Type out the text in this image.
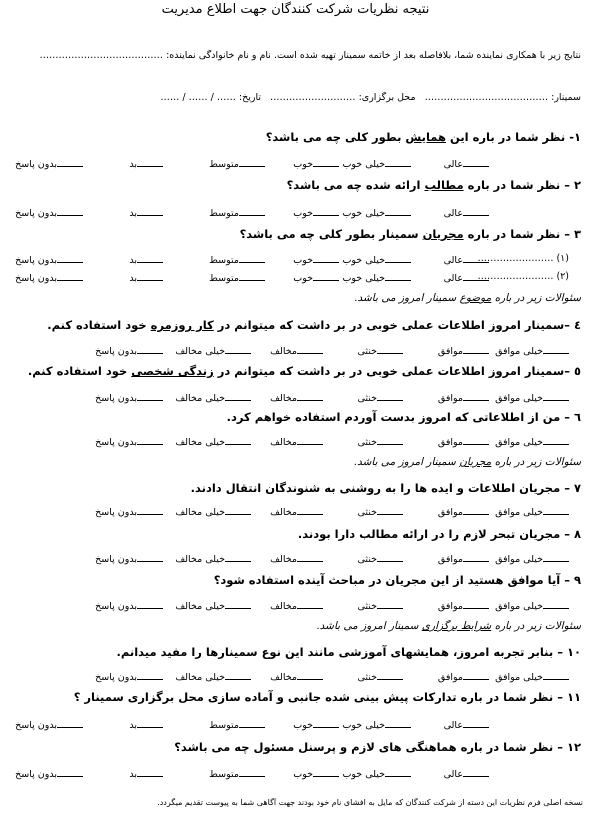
نتیجه نظریات شرکت کنندگان جهت اطلاع مدیریت
نتایج زیر با همکاری نماینده شما، بلافاصله بعد از خاتمه سمینار تهیه شده است. نام و نام خانوادگی نماینده: …………………………………
سمینار: …………………………………   محل برگزاری: ………………………   تاریخ: …… / …… / ……
۱- نظر شما در باره این همایش بطور کلی چه می باشد؟
عالی
خیلی خوب
خوب
متوسط
بد
بدون پاسخ
۲ – نظر شما در باره مطالب ارائه شده چه می باشد؟
عالی
خیلی خوب
خوب
متوسط
بد
بدون پاسخ
۳ – نظر شما در باره مجریان سمینار بطور کلی چه می باشد؟
عالی
خیلی خوب
خوب
متوسط
بد
بدون پاسخ	(۱) ……………………
عالی
خیلی خوب
خوب
متوسط
بد
بدون پاسخ	(۲) ……………………
سئوالات زیر در باره موضوع سمینار امروز می باشد.
٤ –سمینار امروز اطلاعات عملی خوبی در بر داشت که میتوانم در کار روزمره خود استفاده کنم.
خیلی موافق
موافق
خنثی
مخالف
خیلی مخالف
بدون پاسخ
٥ –سمینار امروز اطلاعات عملی خوبی در بر داشت که میتوانم در زندگی شخصی خود استفاده کنم.
خیلی موافق
موافق
خنثی
مخالف
خیلی مخالف
بدون پاسخ
٦ – من از اطلاعاتی که امروز بدست آوردم استفاده خواهم کرد.
خیلی موافق
موافق
خنثی
مخالف
خیلی مخالف
بدون پاسخ
سئوالات زیر در باره مجریان سمینار امروز می باشد.
۷ – مجریان اطلاعات و ایده ها را به روشنی به شنوندگان انتقال دادند.
خیلی موافق
موافق
خنثی
مخالف
خیلی مخالف
بدون پاسخ
۸ – مجریان تبحر لازم را در ارائه مطالب دارا بودند.
خیلی موافق
موافق
خنثی
مخالف
خیلی مخالف
بدون پاسخ
۹ – آیا موافق هستید از این مجریان در مباحث آینده استفاده شود؟
خیلی موافق
موافق
خنثی
مخالف
خیلی مخالف
بدون پاسخ
سئوالات زیر در باره شرایط برگزاری سمینار امروز می باشد.
۱۰ – بنابر تجربه امروز، همایشهای آموزشی مانند این نوع سمینارها را مفید میدانم.
خیلی موافق
موافق
خنثی
مخالف
خیلی مخالف
بدون پاسخ
۱۱ – نظر شما در باره تدارکات پیش بینی شده جانبی و آماده سازی محل برگزاری سمینار ؟
عالی
خیلی خوب
خوب
متوسط
بد
بدون پاسخ
۱۲ – نظر شما در باره هماهنگی های لازم و پرسنل مسئول چه می باشد؟
عالی
خیلی خوب
خوب
متوسط
بد
بدون پاسخ
نسخه اصلی فرم نظریات این دسته از شرکت کنندگان که مایل به افشای نام خود بودند جهت آگاهی شما به پیوست تقدیم میگردد.
